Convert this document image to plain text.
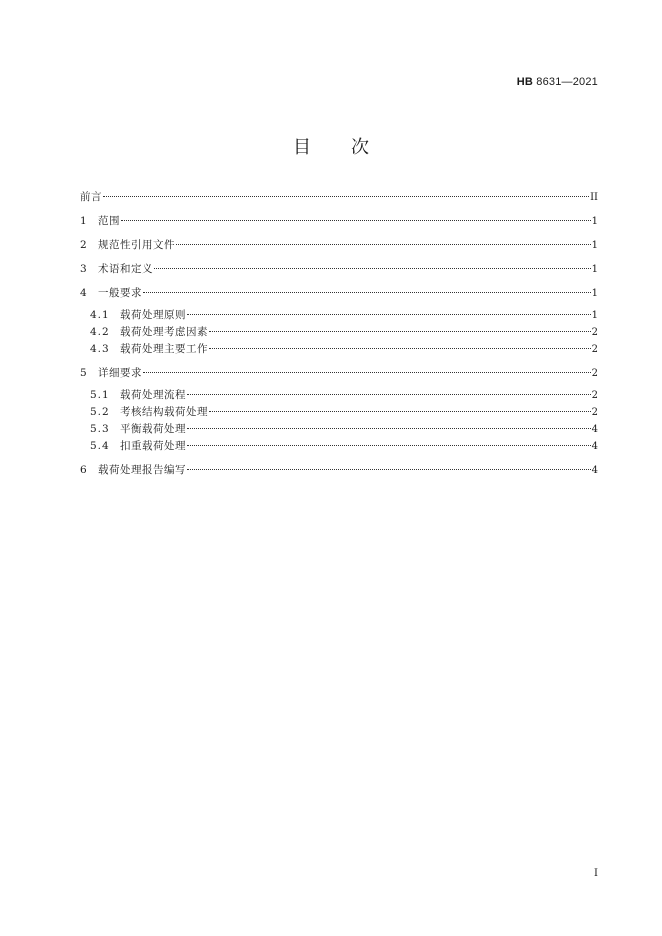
HB 8631—2021
目次
前言	II
1	范围	1
2	规范性引用文件	1
3	术语和定义	1
4	一般要求	1
4.1 载荷处理原则	1
4.2 载荷处理考虑因素	2
4.3 载荷处理主要工作	2
5	详细要求	2
5.1 载荷处理流程	2
5.2 考核结构载荷处理	2
5.3 平衡载荷处理	4
5.4 扣重载荷处理	4
6	载荷处理报告编写	4
I
